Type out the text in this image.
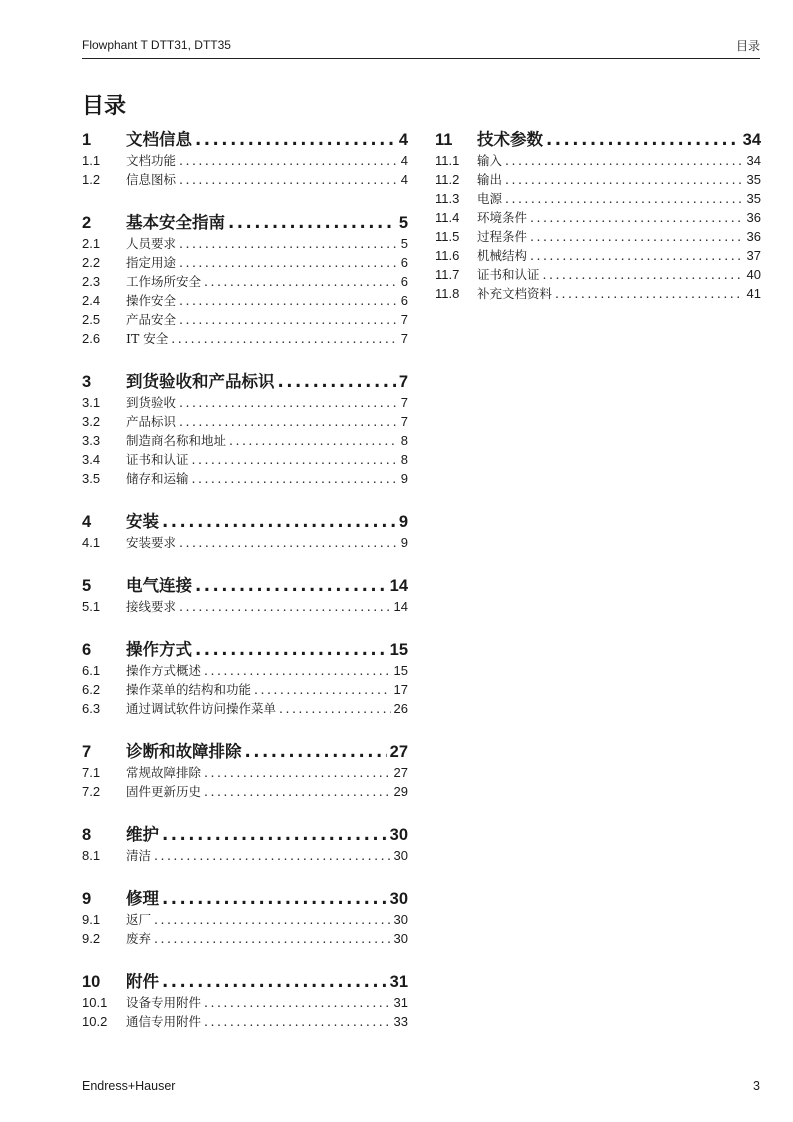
Flowphant T DTT31, DTT35	目录
目录
1	文档信息 .....	4
1.1	文档功能 .....	4
1.2	信息图标 .....	4
2	基本安全指南 .....	5
2.1	人员要求 .....	5
2.2	指定用途 .....	6
2.3	工作场所安全 .....	6
2.4	操作安全 .....	6
2.5	产品安全 .....	7
2.6	IT 安全 .....	7
3	到货验收和产品标识 .....	7
3.1	到货验收 .....	7
3.2	产品标识 .....	7
3.3	制造商名称和地址 .....	8
3.4	证书和认证 .....	8
3.5	储存和运输 .....	9
4	安装 .....	9
4.1	安装要求 .....	9
5	电气连接 .....	14
5.1	接线要求 .....	14
6	操作方式 .....	15
6.1	操作方式概述 .....	15
6.2	操作菜单的结构和功能 .....	17
6.3	通过调试软件访问操作菜单 .....	26
7	诊断和故障排除 .....	27
7.1	常规故障排除 .....	27
7.2	固件更新历史 .....	29
8	维护 .....	30
8.1	清洁 .....	30
9	修理 .....	30
9.1	返厂 .....	30
9.2	废弃 .....	30
10	附件 .....	31
10.1	设备专用附件 .....	31
10.2	通信专用附件 .....	33
11	技术参数 .....	34
11.1	输入 .....	34
11.2	输出 .....	35
11.3	电源 .....	35
11.4	环境条件 .....	36
11.5	过程条件 .....	36
11.6	机械结构 .....	37
11.7	证书和认证 .....	40
11.8	补充文档资料 .....	41
Endress+Hauser	3
